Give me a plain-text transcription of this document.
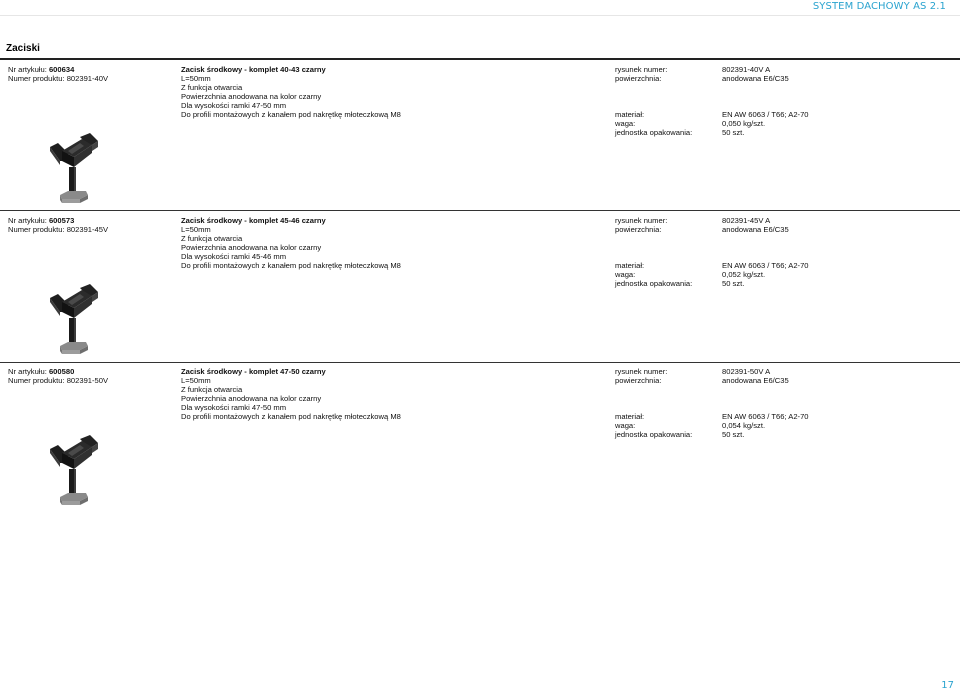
SYSTEM DACHOWY AS 2.1
Zaciski
Nr artykułu: 600634
Numer produktu: 802391-40V
Zacisk środkowy - komplet 40-43 czarny
L=50mm
Z funkcja otwarcia
Powierzchnia anodowana na kolor czarny
Dla wysokości ramki 47-50 mm
Do profili montażowych z kanałem pod nakrętkę młoteczkową M8
rysunek numer:
powierzchnia:
materiał:
waga:
jednostka opakowania:
802391-40V A
anodowana E6/C35
EN AW 6063 / T66; A2-70
0,050 kg/szt.
50 szt.
Nr artykułu: 600573
Numer produktu: 802391-45V
Zacisk środkowy - komplet 45-46 czarny
L=50mm
Z funkcja otwarcia
Powierzchnia anodowana na kolor czarny
Dla wysokości ramki 45-46 mm
Do profili montażowych z kanałem pod nakrętkę młoteczkową M8
rysunek numer:
powierzchnia:
materiał:
waga:
jednostka opakowania:
802391-45V A
anodowana E6/C35
EN AW 6063 / T66; A2-70
0,052 kg/szt.
50 szt.
Nr artykułu: 600580
Numer produktu: 802391-50V
Zacisk środkowy - komplet 47-50 czarny
L=50mm
Z funkcja otwarcia
Powierzchnia anodowana na kolor czarny
Dla wysokości ramki 47-50 mm
Do profili montażowych z kanałem pod nakrętkę młoteczkową M8
rysunek numer:
powierzchnia:
materiał:
waga:
jednostka opakowania:
802391-50V A
anodowana E6/C35
EN AW 6063 / T66; A2-70
0,054 kg/szt.
50 szt.
17
